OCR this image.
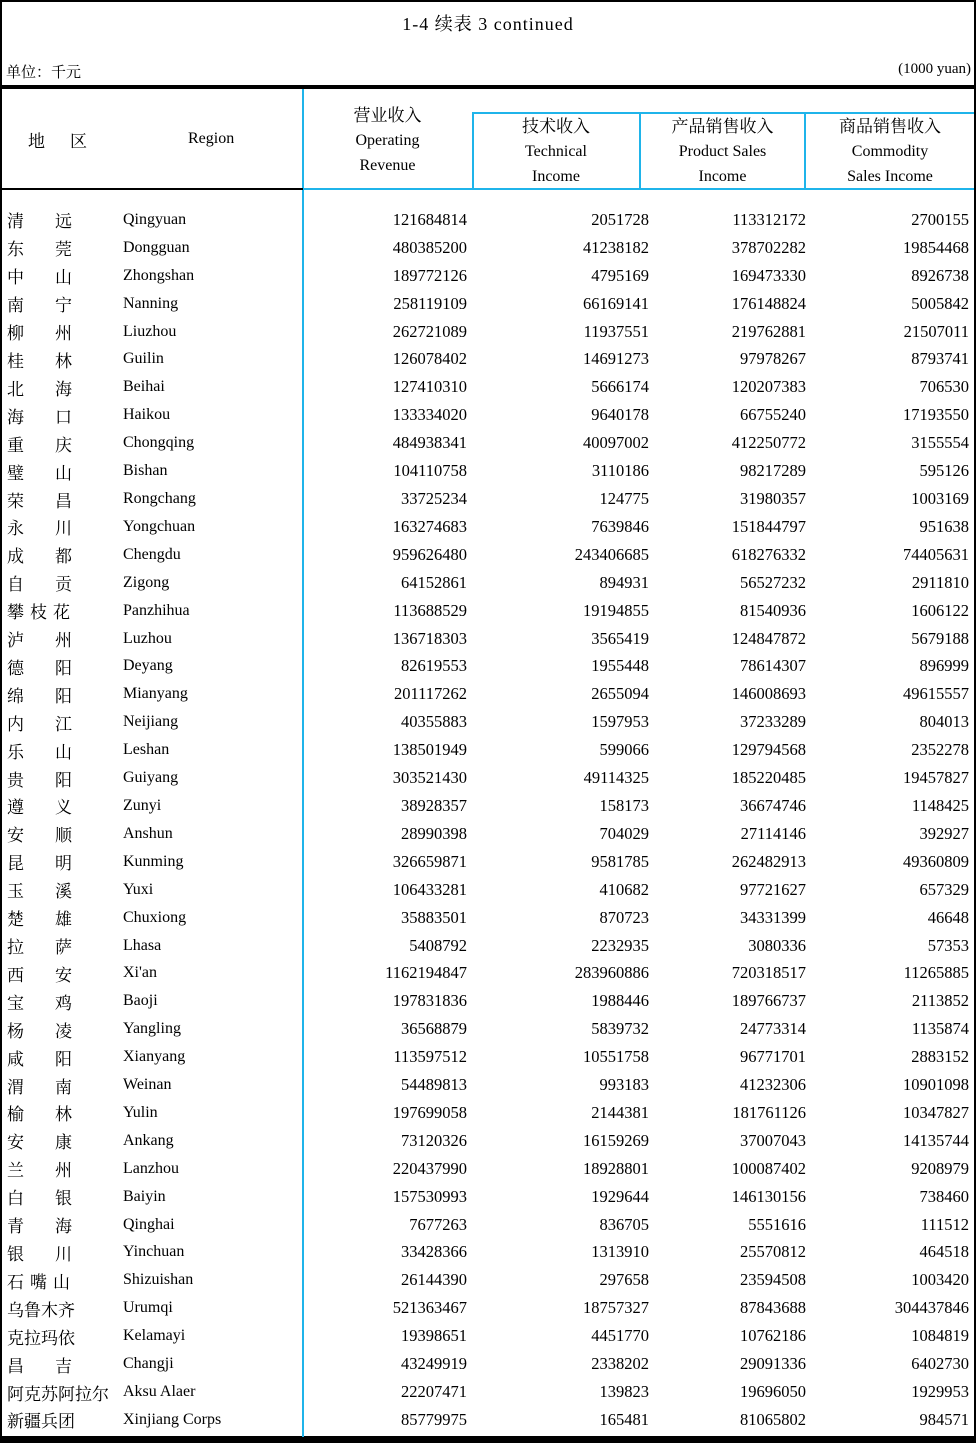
1-4 续表 3 continued
单位：千元	(1000 yuan)
地区	Region
营业收入
Operating
Revenue
技术收入
Technical
Income
产品销售收入
Product Sales
Income
商品销售收入
Commodity
Sales Income
清远 Qingyuan	121684814	2051728	113312172	2700155
东莞 Dongguan	480385200	41238182	378702282	19854468
中山 Zhongshan	189772126	4795169	169473330	8926738
南宁 Nanning	258119109	66169141	176148824	5005842
柳州 Liuzhou	262721089	11937551	219762881	21507011
桂林 Guilin	126078402	14691273	97978267	8793741
北海 Beihai	127410310	5666174	120207383	706530
海口 Haikou	133334020	9640178	66755240	17193550
重庆 Chongqing	484938341	40097002	412250772	3155554
璧山 Bishan	104110758	3110186	98217289	595126
荣昌 Rongchang	33725234	124775	31980357	1003169
永川 Yongchuan	163274683	7639846	151844797	951638
成都 Chengdu	959626480	243406685	618276332	74405631
自贡 Zigong	64152861	894931	56527232	2911810
攀枝花	Panzhihua	113688529	19194855	81540936	1606122
泸州 Luzhou	136718303	3565419	124847872	5679188
德阳 Deyang	82619553	1955448	78614307	896999
绵阳 Mianyang	201117262	2655094	146008693	49615557
内江 Neijiang	40355883	1597953	37233289	804013
乐山 Leshan	138501949	599066	129794568	2352278
贵阳 Guiyang	303521430	49114325	185220485	19457827
遵义 Zunyi	38928357	158173	36674746	1148425
安顺 Anshun	28990398	704029	27114146	392927
昆明 Kunming	326659871	9581785	262482913	49360809
玉溪 Yuxi	106433281	410682	97721627	657329
楚雄 Chuxiong	35883501	870723	34331399	46648
拉萨 Lhasa	5408792	2232935	3080336	57353
西安 Xi'an	1162194847	283960886	720318517	11265885
宝鸡 Baoji	197831836	1988446	189766737	2113852
杨凌 Yangling	36568879	5839732	24773314	1135874
咸阳 Xianyang	113597512	10551758	96771701	2883152
渭南 Weinan	54489813	993183	41232306	10901098
榆林 Yulin	197699058	2144381	181761126	10347827
安康 Ankang	73120326	16159269	37007043	14135744
兰州 Lanzhou	220437990	18928801	100087402	9208979
白银 Baiyin	157530993	1929644	146130156	738460
青海 Qinghai	7677263	836705	5551616	111512
银川 Yinchuan	33428366	1313910	25570812	464518
石嘴山	Shizuishan	26144390	297658	23594508	1003420
乌鲁木齐	Urumqi	521363467	18757327	87843688	304437846
克拉玛依	Kelamayi	19398651	4451770	10762186	1084819
昌吉 Changji	43249919	2338202	29091336	6402730
阿克苏阿拉尔 Aksu Alaer	22207471	139823	19696050	1929953
新疆兵团	Xinjiang Corps	85779975	165481	81065802	984571
